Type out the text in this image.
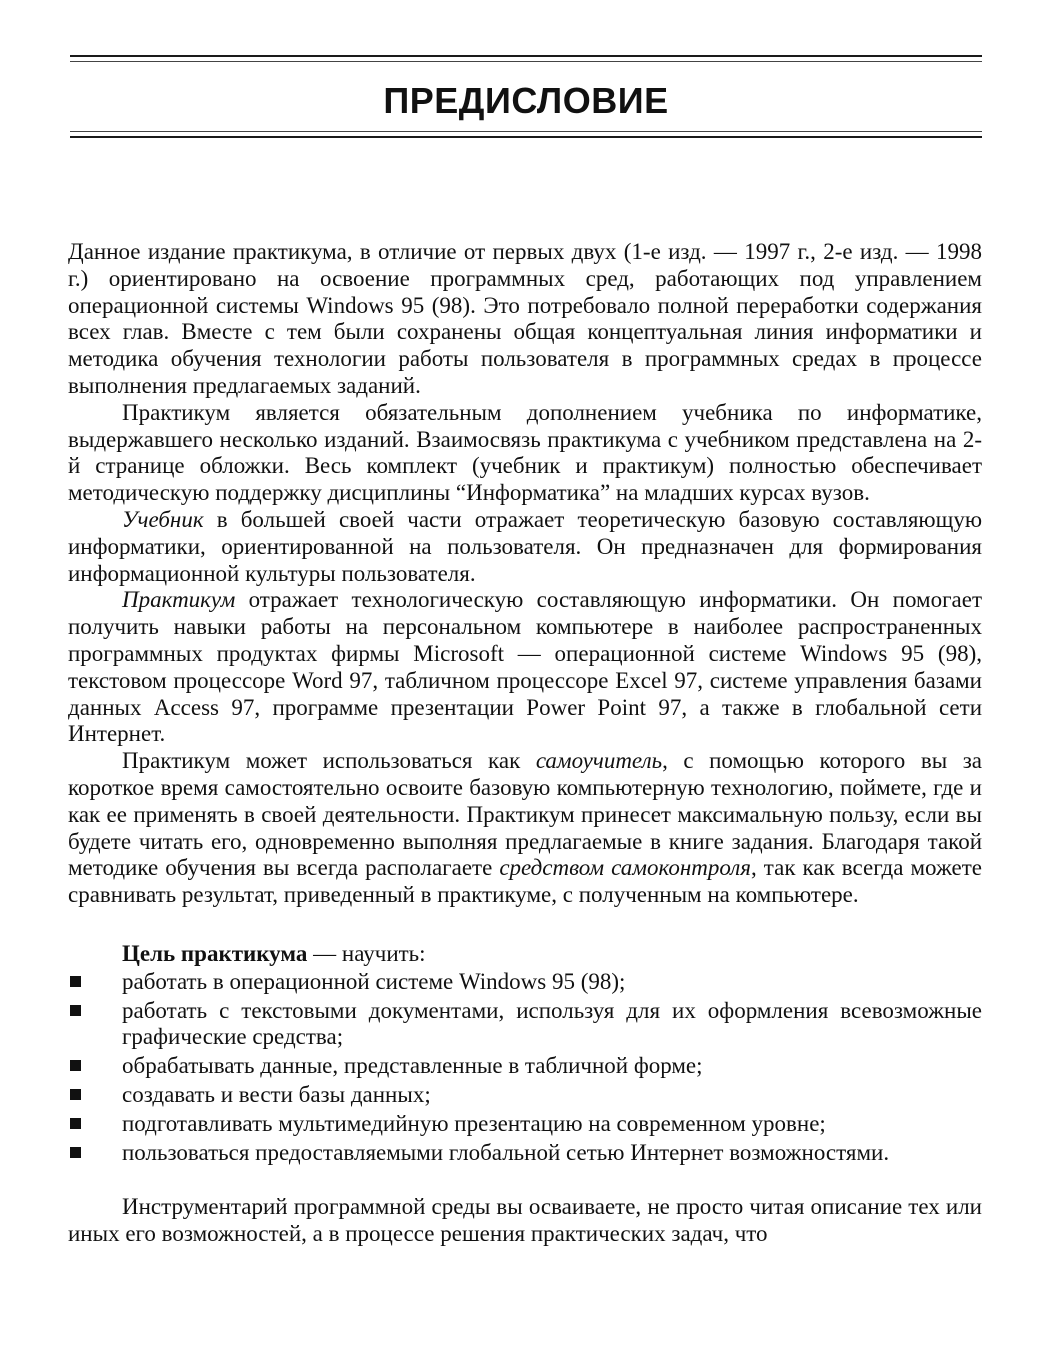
ПРЕДИСЛОВИЕ

Данное издание практикума, в отличие от первых двух (1-е изд. — 1997 г., 2-е изд. — 1998 г.) ориентировано на освоение программных сред, работающих под управлением операционной системы Windows 95 (98). Это потребовало полной переработки содержания всех глав. Вместе с тем были сохранены общая концептуальная линия информатики и методика обучения технологии работы пользователя в программных средах в процессе выполнения предлагаемых заданий.

Практикум является обязательным дополнением учебника по информатике, выдержавшего несколько изданий. Взаимосвязь практикума с учебником представлена на 2-й странице обложки. Весь комплект (учебник и практикум) полностью обеспечивает методическую поддержку дисциплины “Информатика” на младших курсах вузов.

Учебник в большей своей части отражает теоретическую базовую составляющую информатики, ориентированной на пользователя. Он предназначен для формирования информационной культуры пользователя.

Практикум отражает технологическую составляющую информатики. Он помогает получить навыки работы на персональном компьютере в наиболее распространенных программных продуктах фирмы Microsoft — операционной системе Windows 95 (98), текстовом процессоре Word 97, табличном процессоре Excel 97, системе управления базами данных Access 97, программе презентации Power Point 97, а также в глобальной сети Интернет.

Практикум может использоваться как самоучитель, с помощью которого вы за короткое время самостоятельно освоите базовую компьютерную технологию, поймете, где и как ее применять в своей деятельности. Практикум принесет максимальную пользу, если вы будете читать его, одновременно выполняя предлагаемые в книге задания. Благодаря такой методике обучения вы всегда располагаете средством самоконтроля, так как всегда можете сравнивать результат, приведенный в практикуме, с полученным на компьютере.

Цель практикума — научить:

работать в операционной системе Windows 95 (98);
работать с текстовыми документами, используя для их оформления всевозможные графические средства;
обрабатывать данные, представленные в табличной форме;
создавать и вести базы данных;
подготавливать мультимедийную презентацию на современном уровне;
пользоваться предоставляемыми глобальной сетью Интернет возможностями.

Инструментарий программной среды вы осваиваете, не просто читая описание тех или иных его возможностей, а в процессе решения практических задач, что
